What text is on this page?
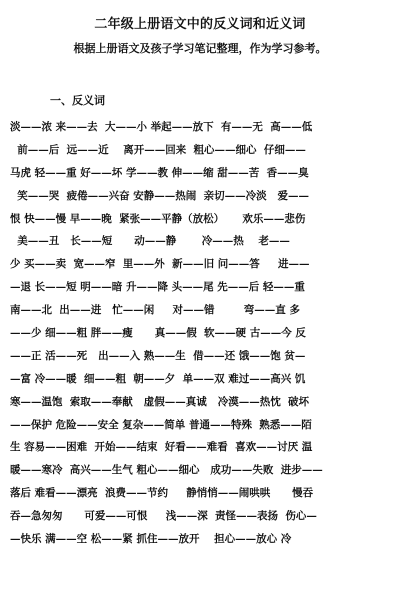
二年级上册语文中的反义词和近义词
根据上册语文及孩子学习笔记整理，作为学习参考。
一、反义词
淡——浓 来——去  大——小 举起——放下  有——无  高——低
前——后  远——近    离开——回来  粗心——细心  仔细——
马虎 轻——重 好——坏 学——教 伸——缩 甜——苦  香——臭
笑——哭  疲倦——兴奋 安静——热闹  亲切——冷淡   爱——
恨 快——慢 早——晚  紧张——平静（放松）     欢乐——悲伤
美——丑   长——短      动——静       冷——热    老——
少 买——卖  宽——窄  里——外  新——旧 问——答     进——
—退 长——短 明——暗 升——降 头——尾 先——后 轻——重
南——北  出——进   忙——闲     对——错        弯——直 多
——少 细——粗 胖——瘦      真——假  软——硬 古——今 反
——正 活——死   出——入 熟——生  借——还 饿——饱 贫—
—富 冷——暖  细——粗  朝——夕  单——双 难过——高兴 饥
寒——温饱  索取——奉献   虚假——真诚   冷漠——热忱  破坏
——保护 危险——安全 复杂——简单 普通——特殊  熟悉——陌
生 容易——困难  开始——结束  好看——难看  喜欢——讨厌 温
暖——寒冷  高兴——生气 粗心——细心   成功——失败  进步——
落后 难看——漂亮  浪费——节约     静悄悄——闹哄哄      慢吞
吞—急匆匆      可爱——可恨     浅——深  责怪——表扬  伤心—
—快乐 满——空 松——紧 抓住——放开    担心——放心 冷
